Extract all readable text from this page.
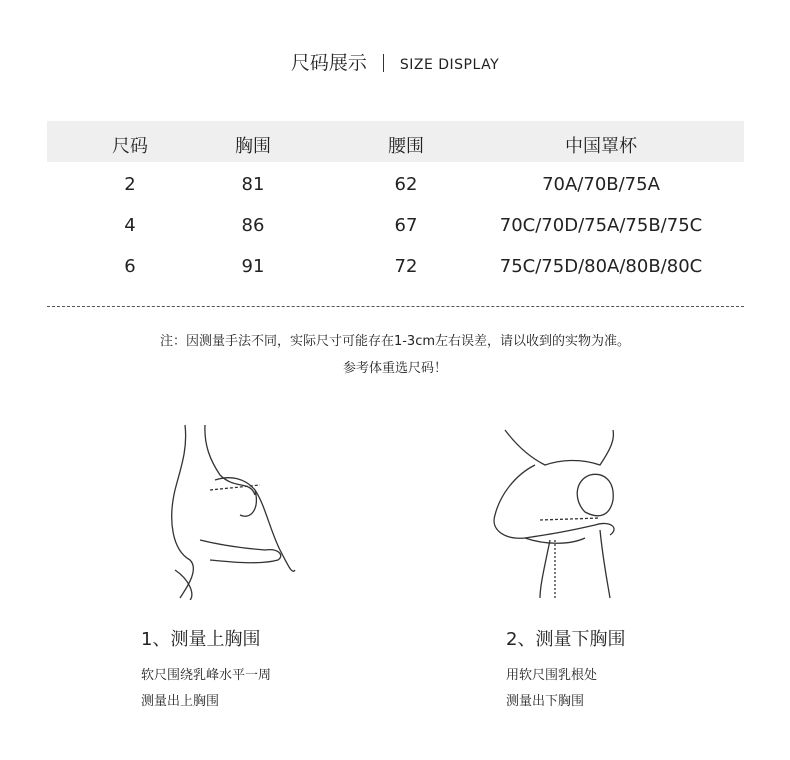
尺码展示 SIZE DISPLAY
尺码	胸围	腰围	中国罩杯
2	81	62	70A/70B/75A
4	86	67	70C/70D/75A/75B/75C
6	91	72	75C/75D/80A/80B/80C
注：因测量手法不同，实际尺寸可能存在1-3cm左右误差，请以收到的实物为准。
参考体重选尺码！
1、测量上胸围
软尺围绕乳峰水平一周
测量出上胸围
2、测量下胸围
用软尺围乳根处
测量出下胸围
